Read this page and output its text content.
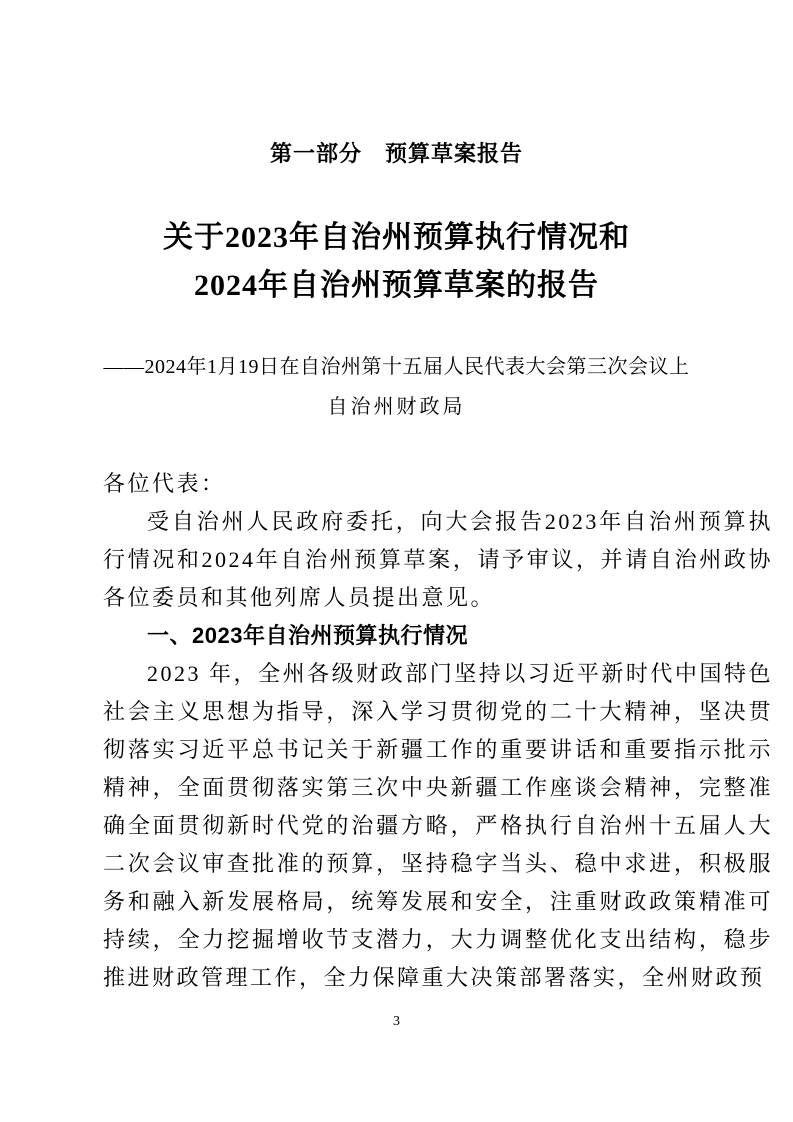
第一部分　预算草案报告
关于2023年自治州预算执行情况和
2024年自治州预算草案的报告
——2024年1月19日在自治州第十五届人民代表大会第三次会议上
自治州财政局

各位代表：

受自治州人民政府委托，向大会报告2023年自治州预算执行情况和2024年自治州预算草案，请予审议，并请自治州政协各位委员和其他列席人员提出意见。

一、2023年自治州预算执行情况

2023 年，全州各级财政部门坚持以习近平新时代中国特色社会主义思想为指导，深入学习贯彻党的二十大精神，坚决贯彻落实习近平总书记关于新疆工作的重要讲话和重要指示批示精神，全面贯彻落实第三次中央新疆工作座谈会精神，完整准确全面贯彻新时代党的治疆方略，严格执行自治州十五届人大二次会议审查批准的预算，坚持稳字当头、稳中求进，积极服务和融入新发展格局，统筹发展和安全，注重财政政策精准可持续，全力挖掘增收节支潜力，大力调整优化支出结构，稳步推进财政管理工作，全力保障重大决策部署落实，全州财政预

3
